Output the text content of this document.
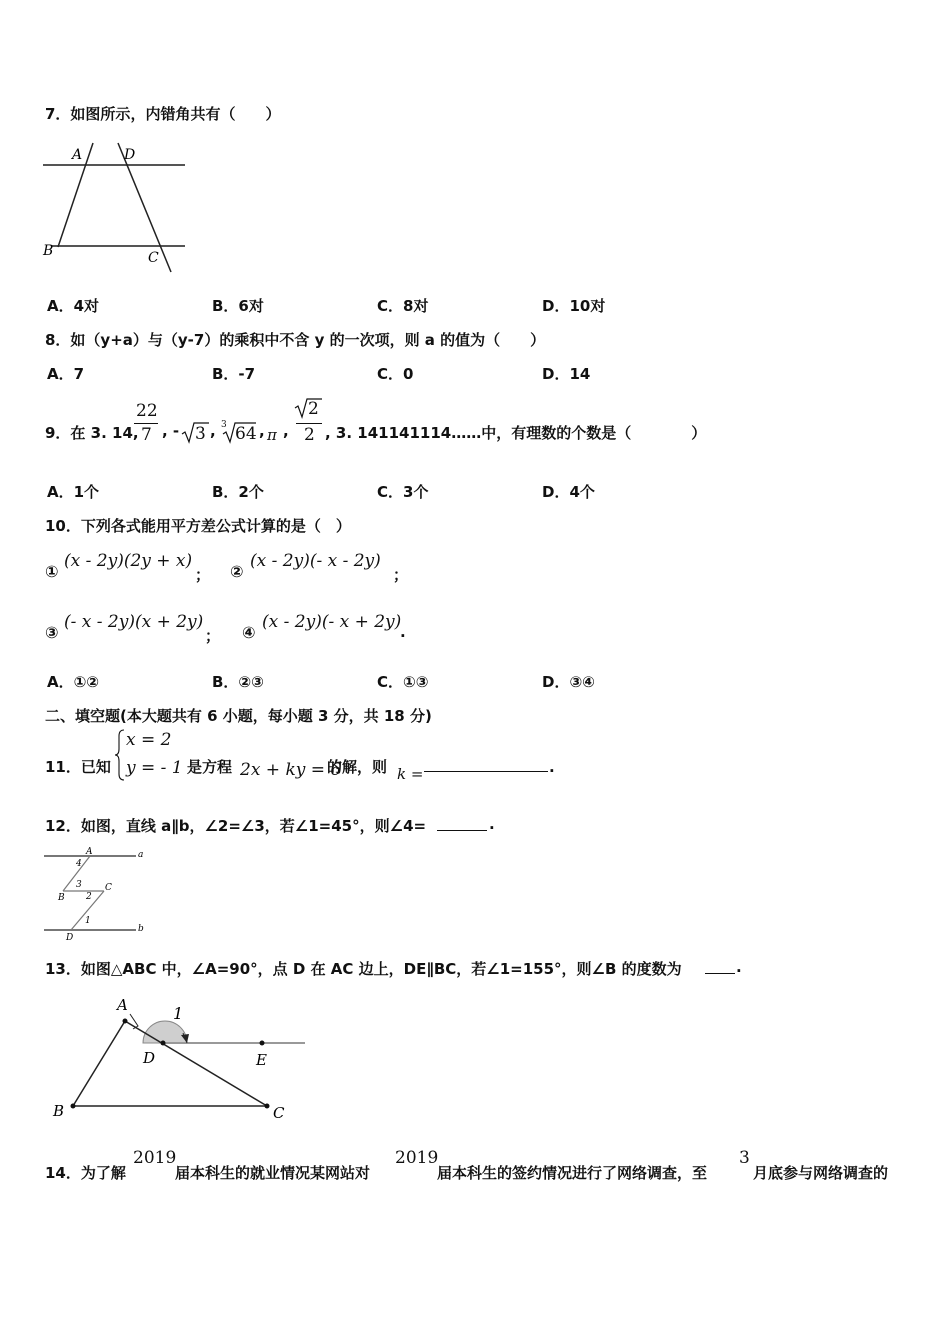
7．如图所示，内错角共有（　　）
A	D
B	C
A．4对	B．6对	C．8对	D．10对
8．如（y+a）与（y-7）的乘积中不含 y 的一次项，则 a 的值为（　　）
A．7	B．-7	C．0	D．14
9．在 3. 14,
22
7 , - 3 , 3 64 , π ,
2
2 , 3. 141141114……中，有理数的个数是（　　　　）
A．1个	B．2个	C．3个	D．4个
10．下列各式能用平方差公式计算的是（　）
①
(x - 2y)(2y + x)
； ②
(x - 2y)(- x - 2y)
；
③
(- x - 2y)(x + 2y)
； ④
(x - 2y)(- x + 2y)
.
A．①②	B．②③	C．①③	D．③④
二、填空题(本大题共有 6 小题，每小题 3 分，共 18 分)
11．已知
x = 2
y = - 1 是方程 2x + ky = 6
的解，则 k =	.
12．如图，直线 a∥b，∠2=∠3，若∠1=45°，则∠4=	.
A	a
4
3
B
C
2
1
D
b
13．如图△ABC 中，∠A=90°，点 D 在 AC 边上，DE∥BC，若∠1=155°，则∠B 的度数为	.
A	1
D	E
B	C
14．为了解
2019
届本科生的就业情况某网站对
2019
届本科生的签约情况进行了网络调查，至
3
月底参与网络调查的
